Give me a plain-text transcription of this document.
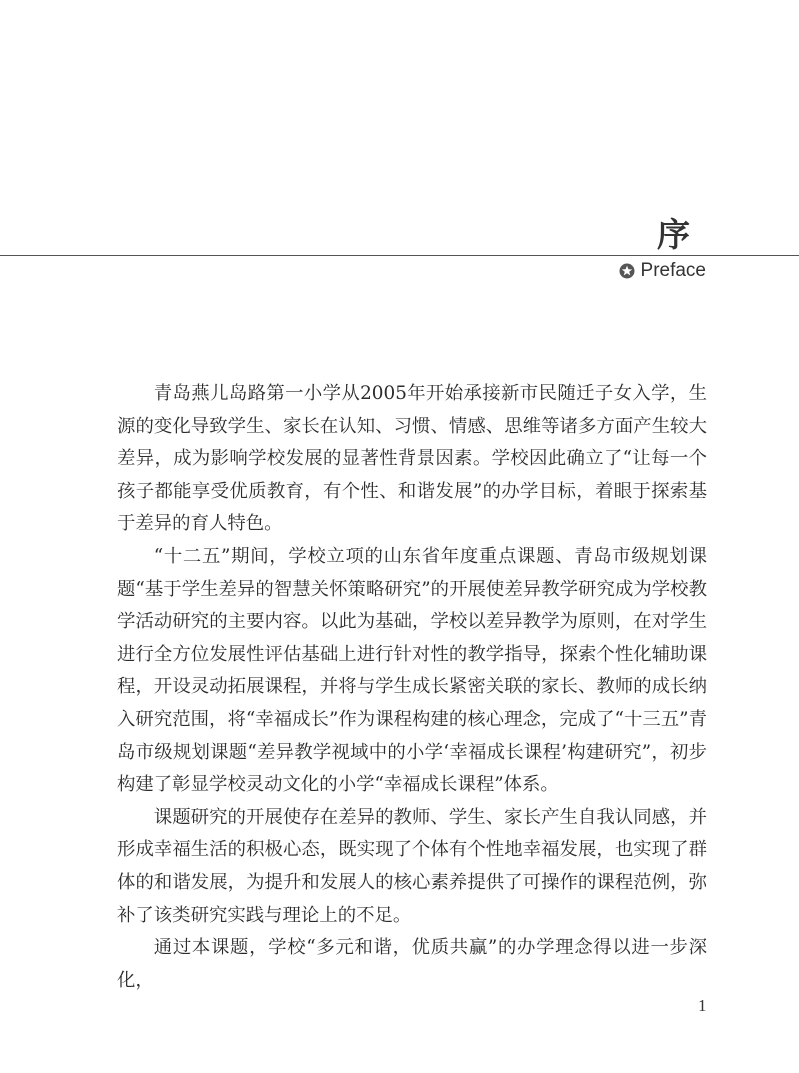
序
Preface

青岛燕儿岛路第一小学从2005年开始承接新市民随迁子女入学，生源的变化导致学生、家长在认知、习惯、情感、思维等诸多方面产生较大差异，成为影响学校发展的显著性背景因素。学校因此确立了“让每一个孩子都能享受优质教育，有个性、和谐发展”的办学目标，着眼于探索基于差异的育人特色。

“十二五”期间，学校立项的山东省年度重点课题、青岛市级规划课题“基于学生差异的智慧关怀策略研究”的开展使差异教学研究成为学校教学活动研究的主要内容。以此为基础，学校以差异教学为原则，在对学生进行全方位发展性评估基础上进行针对性的教学指导，探索个性化辅助课程，开设灵动拓展课程，并将与学生成长紧密关联的家长、教师的成长纳入研究范围，将“幸福成长”作为课程构建的核心理念，完成了“十三五”青岛市级规划课题“差异教学视域中的小学‘幸福成长课程’构建研究”，初步构建了彰显学校灵动文化的小学“幸福成长课程”体系。

课题研究的开展使存在差异的教师、学生、家长产生自我认同感，并形成幸福生活的积极心态，既实现了个体有个性地幸福发展，也实现了群体的和谐发展，为提升和发展人的核心素养提供了可操作的课程范例，弥补了该类研究实践与理论上的不足。

通过本课题，学校“多元和谐，优质共赢”的办学理念得以进一步深化，

1
